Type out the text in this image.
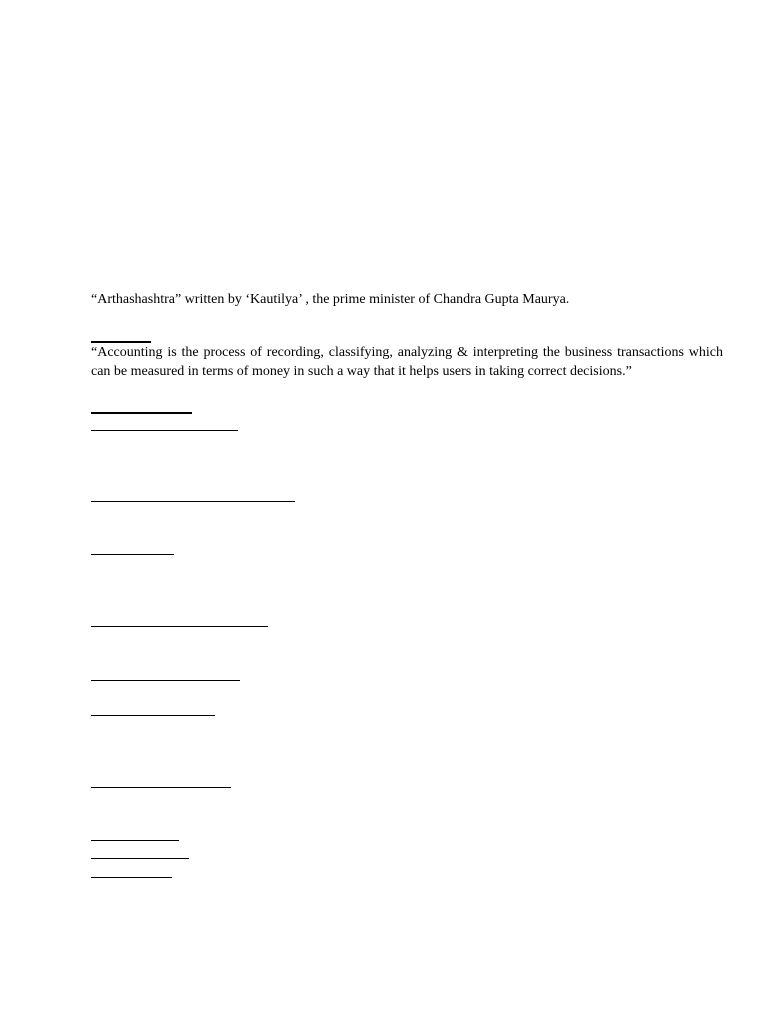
“Arthashashtra” written by ‘Kautilya’ , the prime minister of Chandra Gupta Maurya.
“Accounting is the process of recording, classifying, analyzing & interpreting the business transactions which can be measured in terms of money in such a way that it helps users in taking correct decisions.”
